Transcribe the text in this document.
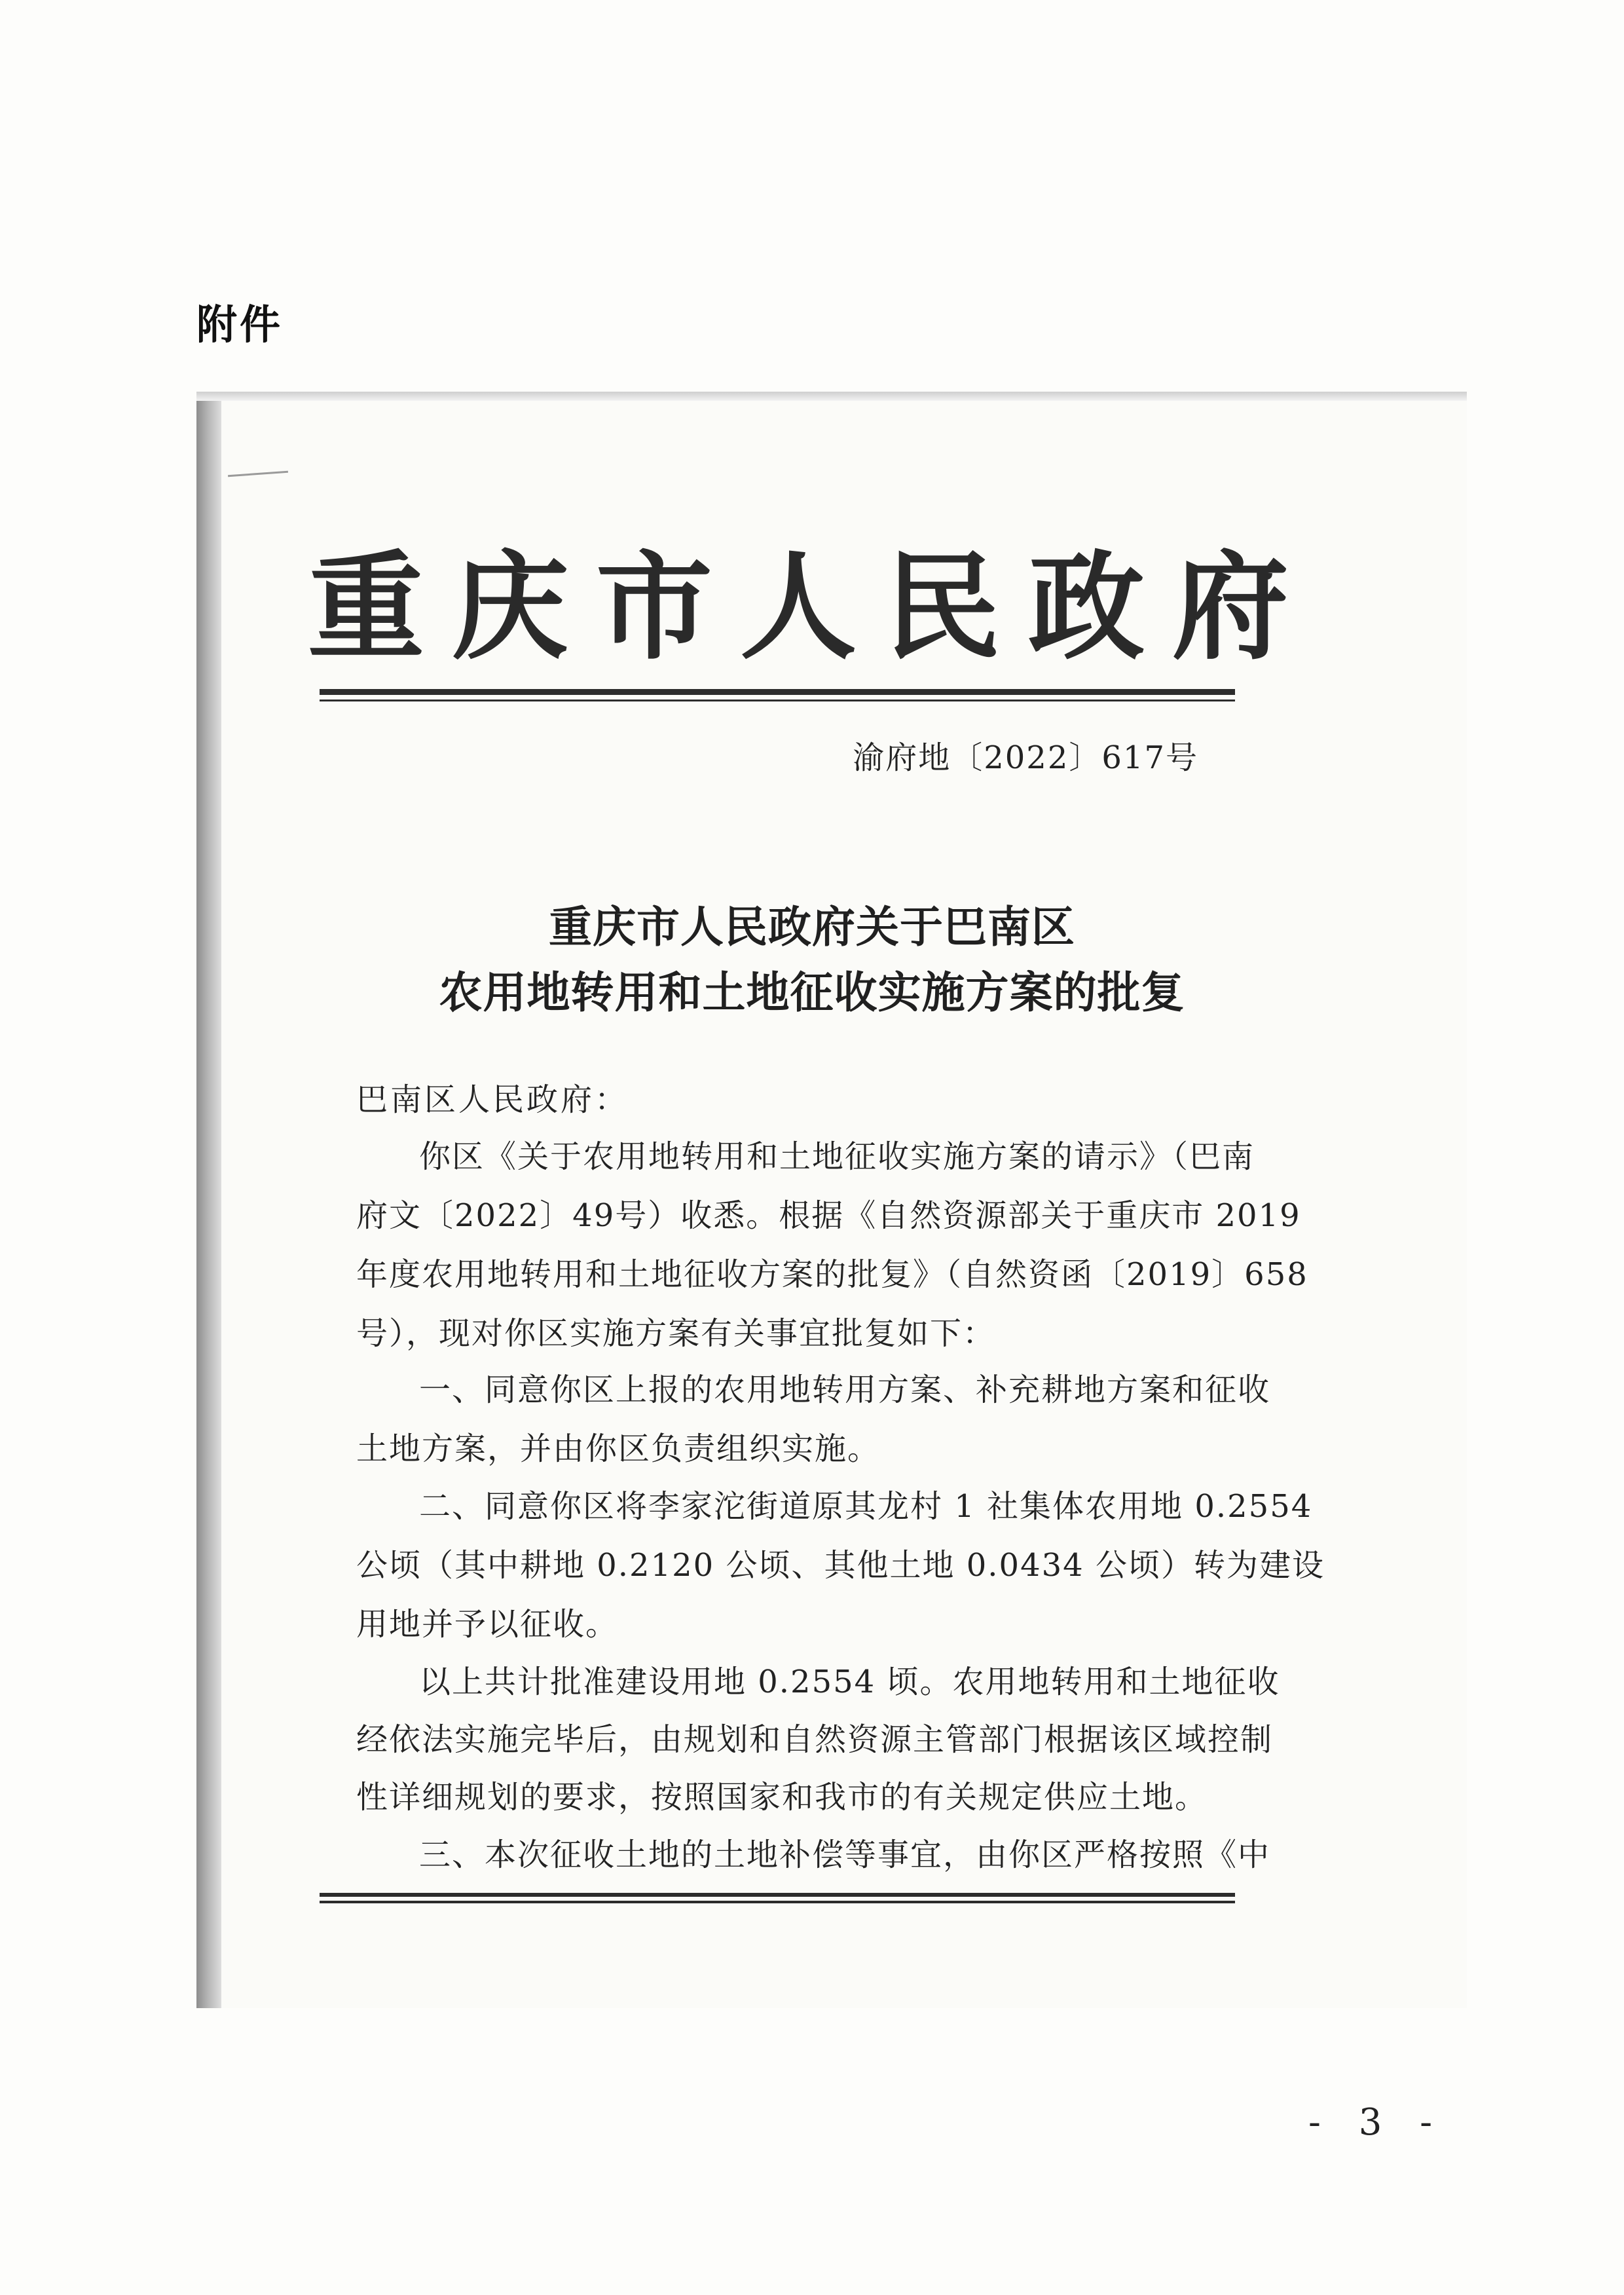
附件
重庆市人民政府
渝府地〔2022〕617号
重庆市人民政府关于巴南区
农用地转用和土地征收实施方案的批复
巴南区人民政府：
你区《关于农用地转用和土地征收实施方案的请示》（巴南
府文〔2022〕49号）收悉。根据《自然资源部关于重庆市 2019
年度农用地转用和土地征收方案的批复》（自然资函〔2019〕658
号），现对你区实施方案有关事宜批复如下：
一、同意你区上报的农用地转用方案、补充耕地方案和征收
土地方案，并由你区负责组织实施。
二、同意你区将李家沱街道原其龙村 1 社集体农用地 0.2554
公顷（其中耕地 0.2120 公顷、其他土地 0.0434 公顷）转为建设
用地并予以征收。
以上共计批准建设用地 0.2554 顷。农用地转用和土地征收
经依法实施完毕后，由规划和自然资源主管部门根据该区域控制
性详细规划的要求，按照国家和我市的有关规定供应土地。
三、本次征收土地的土地补偿等事宜，由你区严格按照《中
- 3 -
